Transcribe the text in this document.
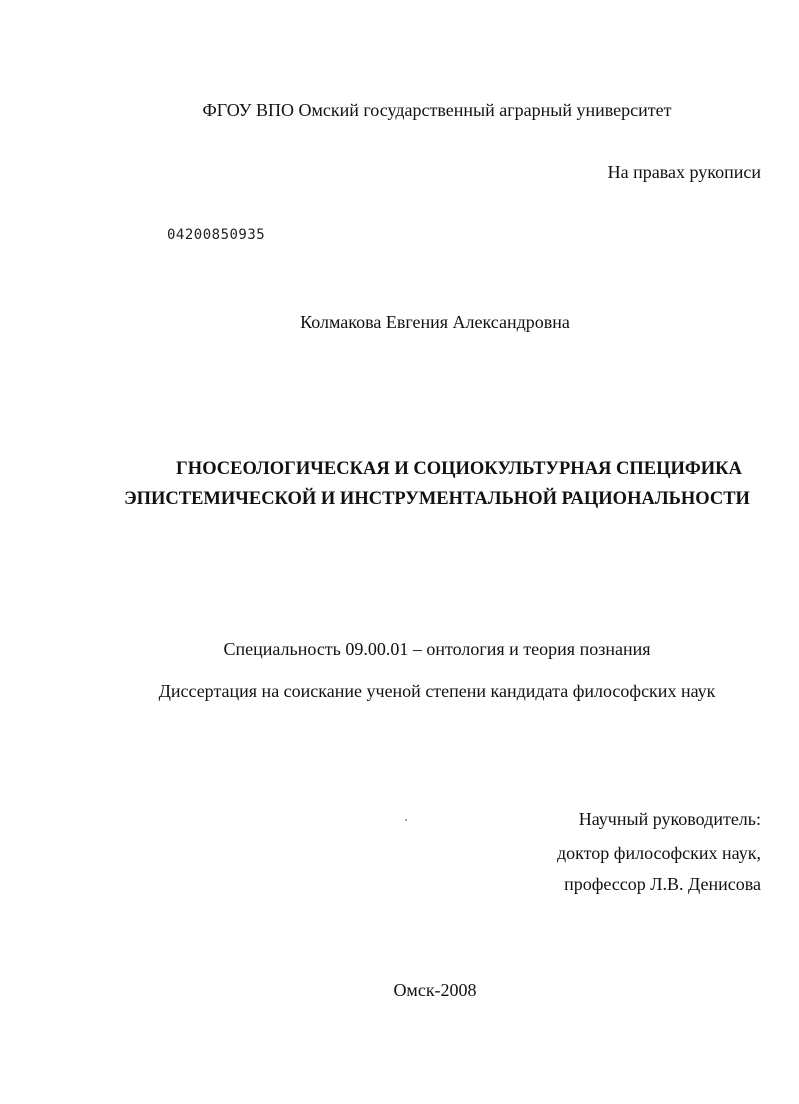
ФГОУ ВПО Омский государственный аграрный университет
На правах рукописи
04200850935
Колмакова Евгения Александровна
ГНОСЕОЛОГИЧЕСКАЯ И СОЦИОКУЛЬТУРНАЯ СПЕЦИФИКА
ЭПИСТЕМИЧЕСКОЙ И ИНСТРУМЕНТАЛЬНОЙ РАЦИОНАЛЬНОСТИ
Специальность 09.00.01 – онтология и теория познания
Диссертация на соискание ученой степени кандидата философских наук
Научный руководитель:
доктор философских наук,
профессор Л.В. Денисова
Омск-2008
